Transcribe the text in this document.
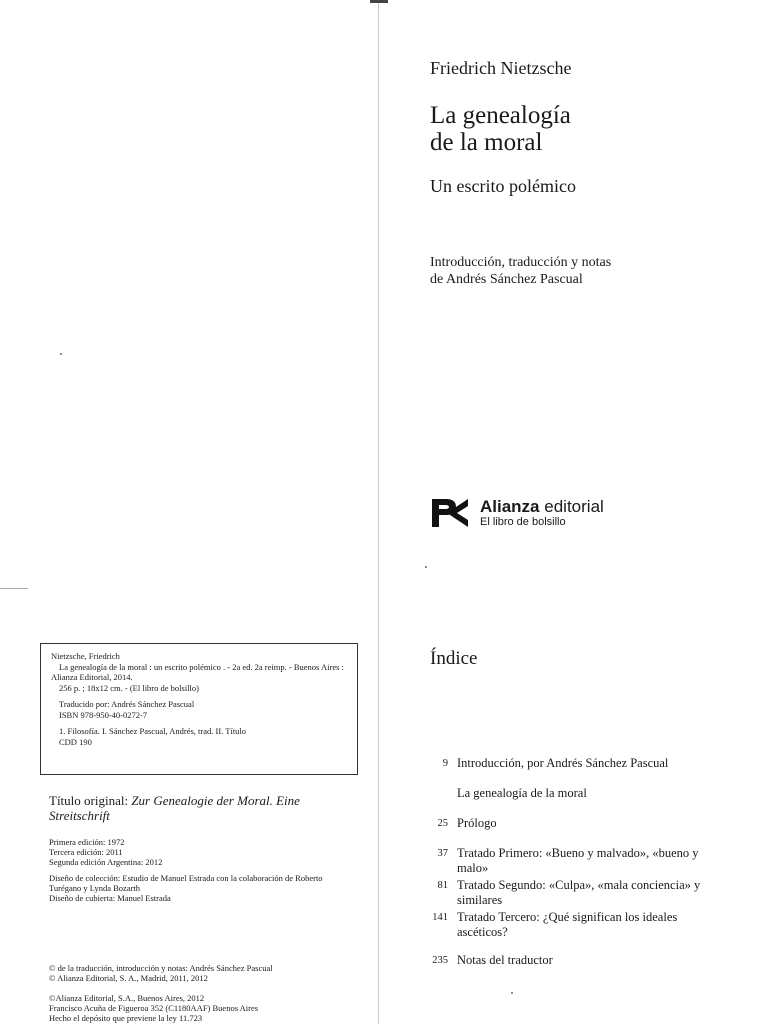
Friedrich Nietzsche
La genealogía
de la moral
Un escrito polémico
Introducción, traducción y notas
de Andrés Sánchez Pascual
Alianza editorial
El libro de bolsillo
Nietzsche, Friedrich
La genealogía de la moral : un escrito polémico . - 2a ed. 2a reimp. - Buenos Aires :
Alianza Editorial, 2014.
256 p. ; 18x12 cm. - (El libro de bolsillo)
Traducido por: Andrés Sánchez Pascual
ISBN 978-950-40-0272-7
1. Filosofía. I. Sánchez Pascual, Andrés, trad. II. Título
CDD 190
Título original: Zur Genealogie der Moral. Eine Streitschrift
Primera edición: 1972
Tercera edición: 2011
Segunda edición Argentina: 2012
Diseño de colección: Estudio de Manuel Estrada con la colaboración de Roberto
Turégano y Lynda Bozarth
Diseño de cubierta: Manuel Estrada
© de la traducción, introducción y notas: Andrés Sánchez Pascual
© Alianza Editorial, S. A., Madrid, 2011, 2012
©Alianza Editorial, S.A., Buenos Aires, 2012
Francisco Acuña de Figueroa 352 (C1180AAF) Buenos Aires
Hecho el depósito que previene la ley 11.723
Índice
9 Introducción, por Andrés Sánchez Pascual
La genealogía de la moral
25 Prólogo
37 Tratado Primero: «Bueno y malvado», «bueno y malo»
81 Tratado Segundo: «Culpa», «mala conciencia» y similares
141 Tratado Tercero: ¿Qué significan los ideales ascéticos?
235 Notas del traductor
